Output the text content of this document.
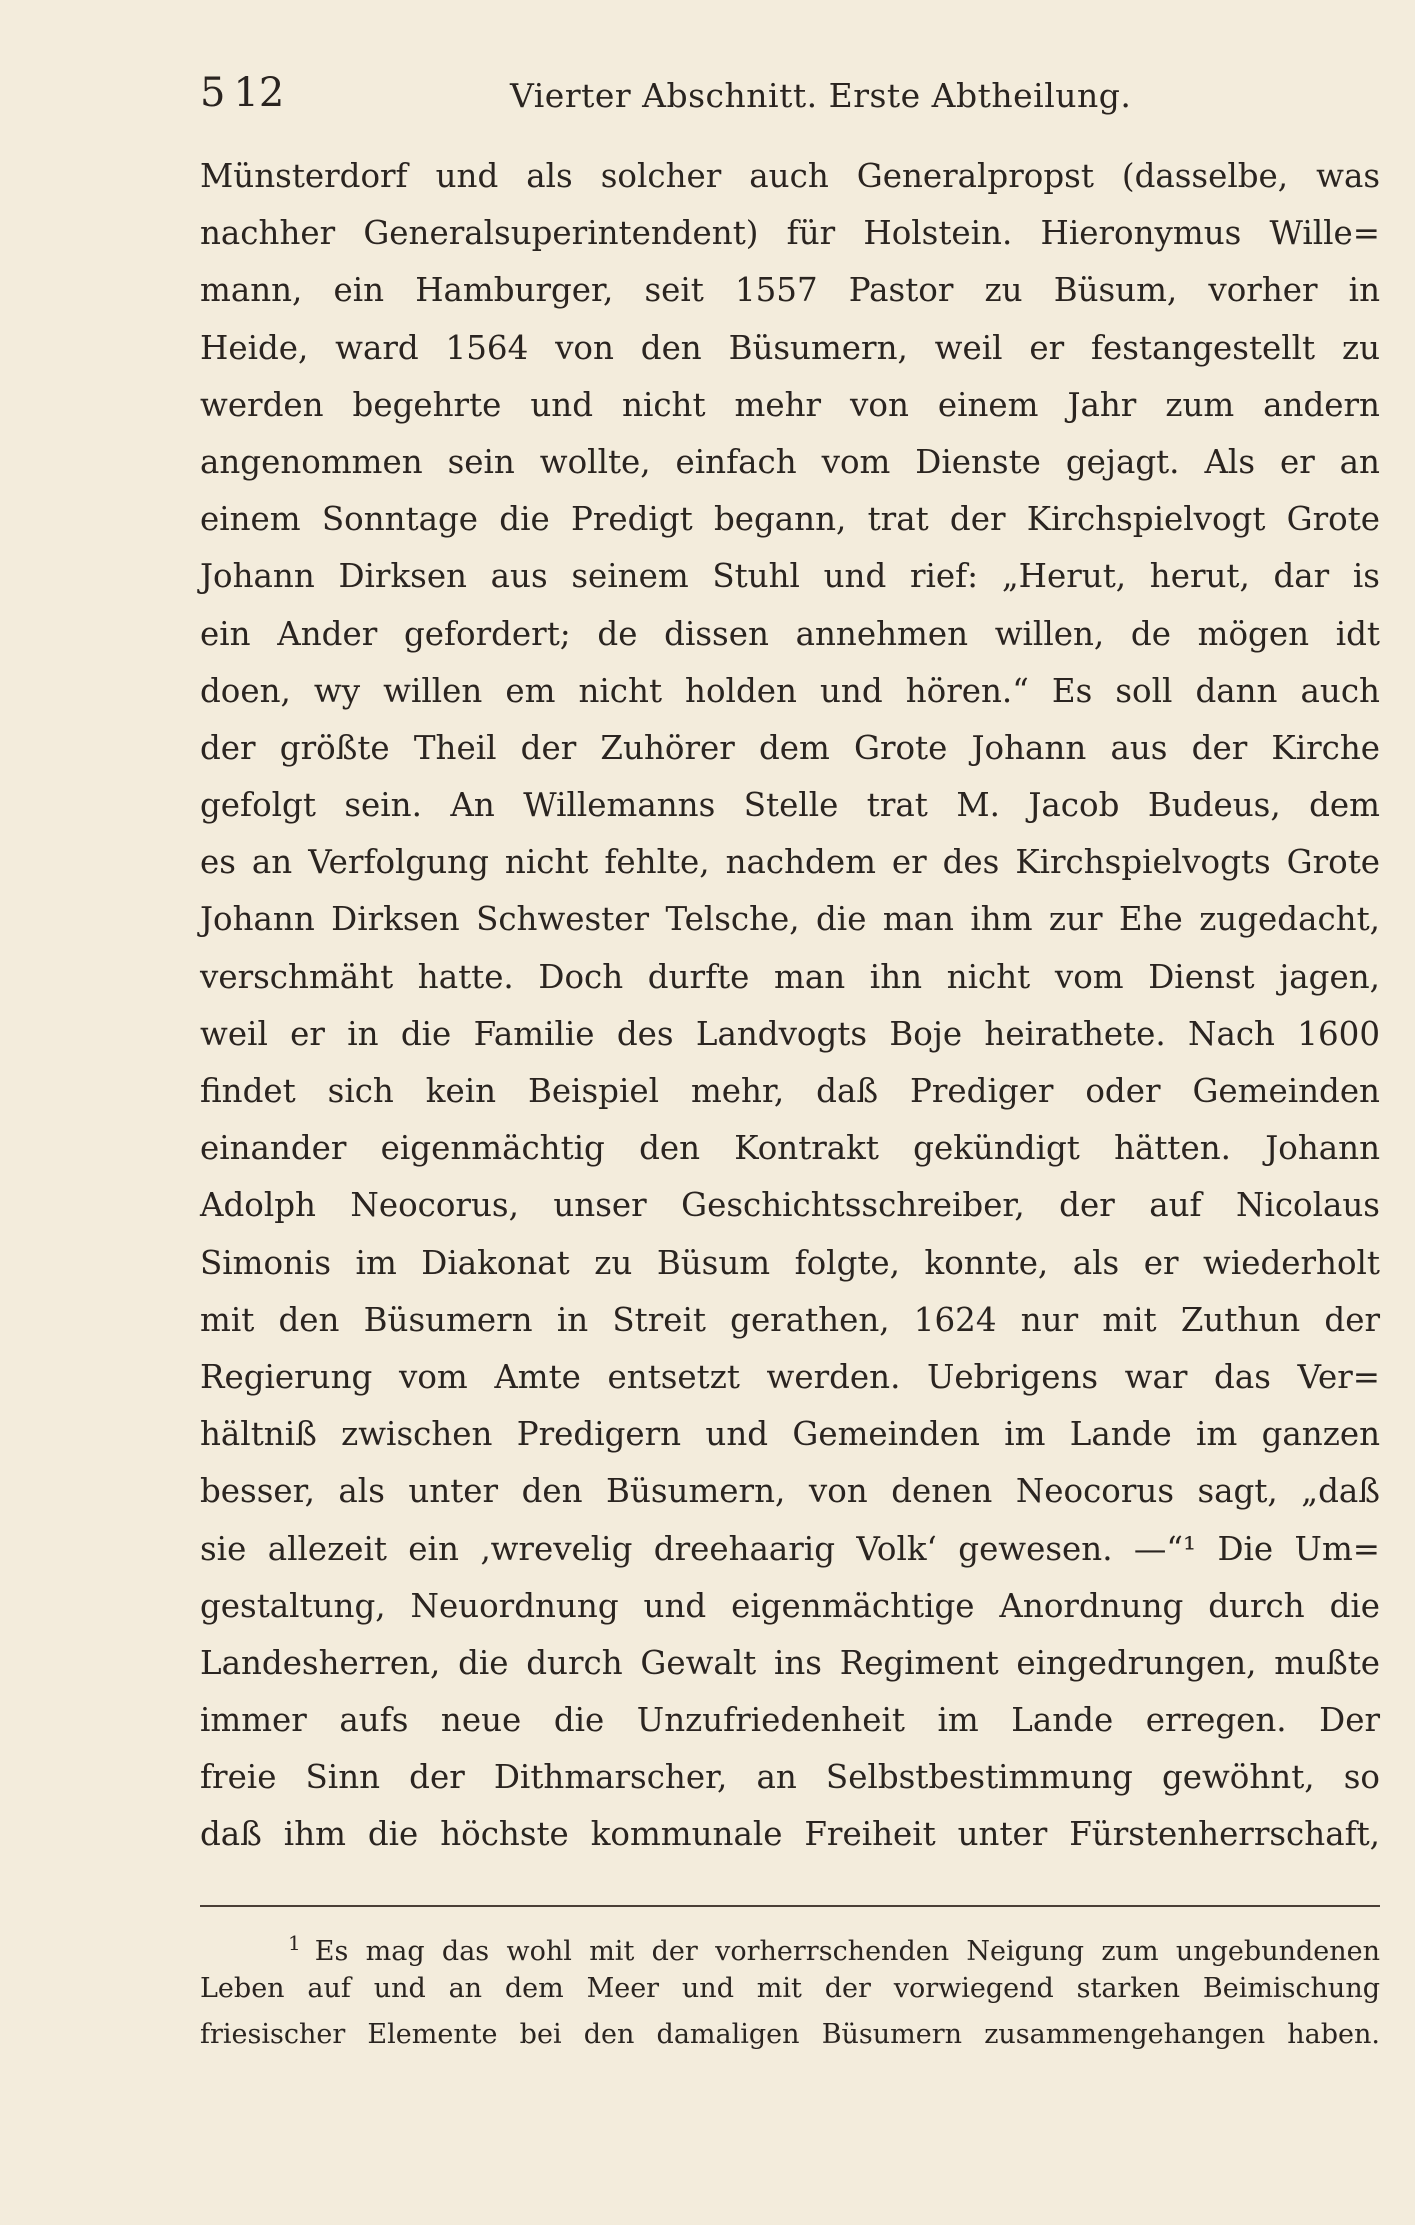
5 12	Vierter Abschnitt. Erste Abtheilung.
Münsterdorf und als solcher auch Generalpropst (dasselbe, was
nachher Generalsuperintendent) für Holstein. Hieronymus Wille=
mann, ein Hamburger, seit 1557 Pastor zu Büsum, vorher in
Heide, ward 1564 von den Büsumern, weil er festangestellt zu
werden begehrte und nicht mehr von einem Jahr zum andern
angenommen sein wollte, einfach vom Dienste gejagt. Als er an
einem Sonntage die Predigt begann, trat der Kirchspielvogt Grote
Johann Dirksen aus seinem Stuhl und rief: „Herut, herut, dar is
ein Ander gefordert; de dissen annehmen willen, de mögen idt
doen, wy willen em nicht holden und hören.“ Es soll dann auch
der größte Theil der Zuhörer dem Grote Johann aus der Kirche
gefolgt sein. An Willemanns Stelle trat M. Jacob Budeus, dem
es an Verfolgung nicht fehlte, nachdem er des Kirchspielvogts Grote
Johann Dirksen Schwester Telsche, die man ihm zur Ehe zugedacht,
verschmäht hatte. Doch durfte man ihn nicht vom Dienst jagen,
weil er in die Familie des Landvogts Boje heirathete. Nach 1600
findet sich kein Beispiel mehr, daß Prediger oder Gemeinden
einander eigenmächtig den Kontrakt gekündigt hätten. Johann
Adolph Neocorus, unser Geschichtsschreiber, der auf Nicolaus
Simonis im Diakonat zu Büsum folgte, konnte, als er wiederholt
mit den Büsumern in Streit gerathen, 1624 nur mit Zuthun der
Regierung vom Amte entsetzt werden. Uebrigens war das Ver=
hältniß zwischen Predigern und Gemeinden im Lande im ganzen
besser, als unter den Büsumern, von denen Neocorus sagt, „daß
sie allezeit ein ‚wrevelig dreehaarig Volk‘ gewesen. —“¹ Die Um=
gestaltung, Neuordnung und eigenmächtige Anordnung durch die
Landesherren, die durch Gewalt ins Regiment eingedrungen, mußte
immer aufs neue die Unzufriedenheit im Lande erregen. Der
freie Sinn der Dithmarscher, an Selbstbestimmung gewöhnt, so
daß ihm die höchste kommunale Freiheit unter Fürstenherrschaft,
$^1$ Es mag das wohl mit der vorherrschenden Neigung zum ungebundenen
Leben auf und an dem Meer und mit der vorwiegend starken Beimischung
friesischer Elemente bei den damaligen Büsumern zusammengehangen haben.
